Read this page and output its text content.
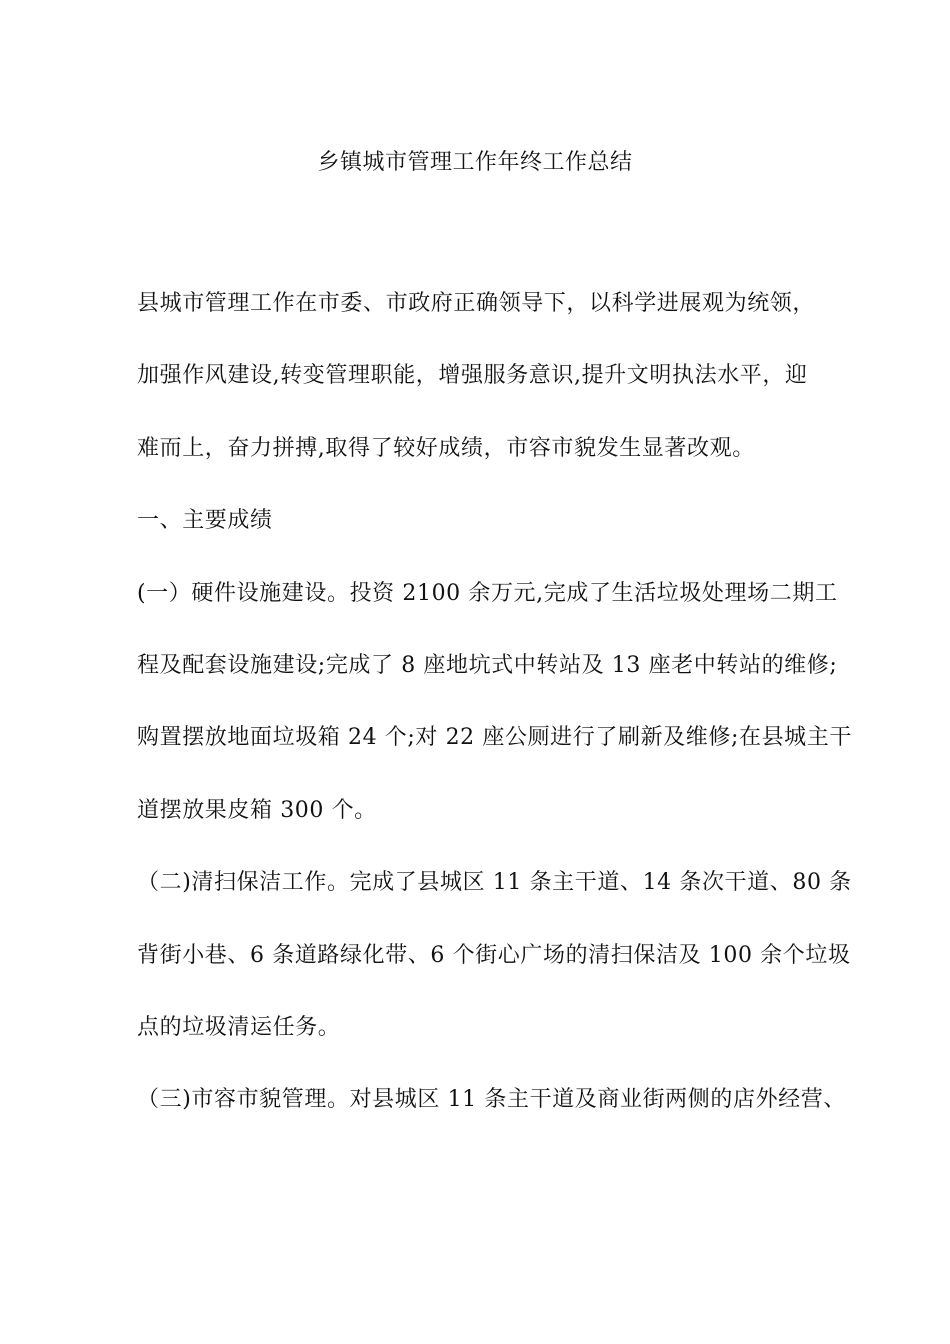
乡镇城市管理工作年终工作总结
县城市管理工作在市委、市政府正确领导下，以科学进展观为统领，
加强作风建设,转变管理职能，增强服务意识,提升文明执法水平，迎
难而上，奋力拼搏,取得了较好成绩，市容市貌发生显著改观。
一、主要成绩
(一）硬件设施建设。投资 2100 余万元,完成了生活垃圾处理场二期工
程及配套设施建设;完成了 8 座地坑式中转站及 13 座老中转站的维修;
购置摆放地面垃圾箱 24 个;对 22 座公厕进行了刷新及维修;在县城主干
道摆放果皮箱 300 个。
（二)清扫保洁工作。完成了县城区 11 条主干道、14 条次干道、80 条
背街小巷、6 条道路绿化带、6 个街心广场的清扫保洁及 100 余个垃圾
点的垃圾清运任务。
（三)市容市貌管理。对县城区 11 条主干道及商业街两侧的店外经营、
